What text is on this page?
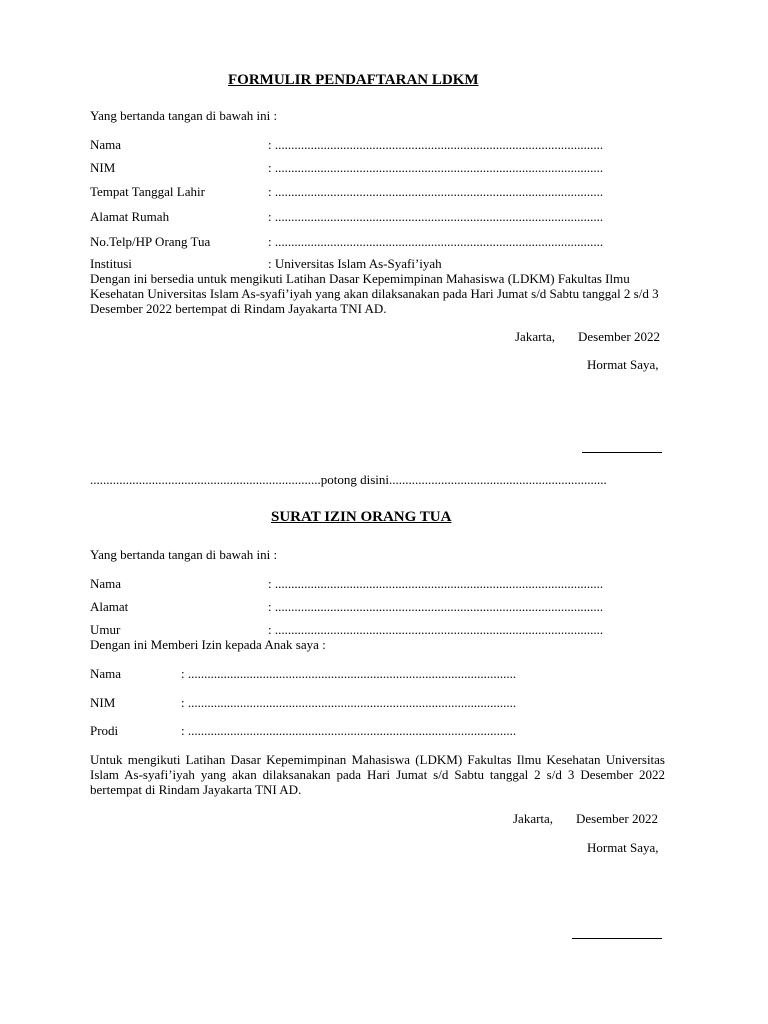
FORMULIR PENDAFTARAN LDKM
Yang bertanda tangan di bawah ini :
Nama	: .....................................................................................................
NIM	: .....................................................................................................
Tempat Tanggal Lahir	: .....................................................................................................
Alamat Rumah	: .....................................................................................................
No.Telp/HP Orang Tua	: .....................................................................................................
Institusi	: Universitas Islam As-Syafi’iyah
Dengan ini bersedia untuk mengikuti Latihan Dasar Kepemimpinan Mahasiswa (LDKM) Fakultas Ilmu Kesehatan Universitas Islam As-syafi’iyah yang akan dilaksanakan pada Hari Jumat s/d Sabtu tanggal 2 s/d 3 Desember 2022 bertempat di Rindam Jayakarta TNI AD.
Jakarta, Desember 2022
Hormat Saya,
.......................................................................potong disini...................................................................
SURAT IZIN ORANG TUA
Yang bertanda tangan di bawah ini :
Nama	: .....................................................................................................
Alamat	: .....................................................................................................
Umur	: .....................................................................................................
Dengan ini Memberi Izin kepada Anak saya :
Nama	: .....................................................................................................
NIM	: .....................................................................................................
Prodi	: .....................................................................................................
Untuk mengikuti Latihan Dasar Kepemimpinan Mahasiswa (LDKM) Fakultas Ilmu Kesehatan Universitas Islam As-syafi’iyah yang akan dilaksanakan pada Hari Jumat s/d Sabtu tanggal 2 s/d 3 Desember 2022 bertempat di Rindam Jayakarta TNI AD.
Jakarta, Desember 2022
Hormat Saya,
